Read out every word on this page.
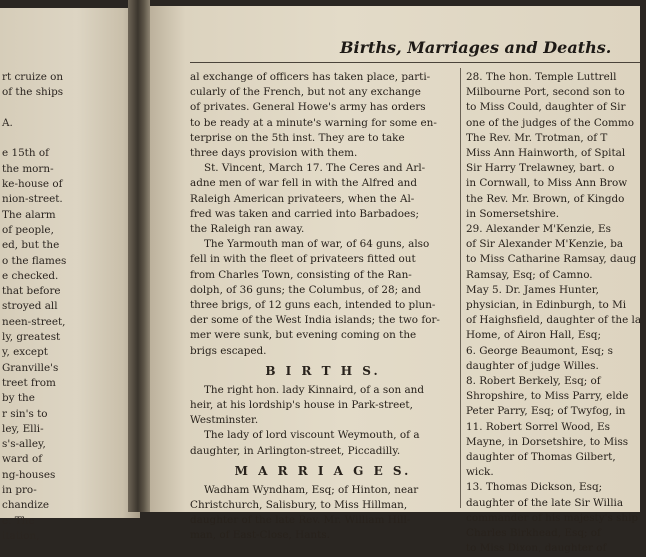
rt cruize on
of the ships
A.
e 15th of
the morn-
ke-house of
nion-street.
The alarm
of people,
ed, but the
o the flames
e checked.
that before
stroyed all
neen-street,
ly, greatest
y, except
Granville's
treet from
by the
r sin's to
ley, Elli-
s's-alley,
ward of
ng-houses
in pro-
chandize
e. The
itation,
Births, Marriages and Deaths.

al exchange of officers has taken place, parti-

cularly of the French, but not any exchange

of privates. General Howe's army has orders

to be ready at a minute's warning for some en-

terprise on the 5th inst. They are to take

three days provision with them.

St. Vincent, March 17. The Ceres and Arl-

adne men of war fell in with the Alfred and

Raleigh American privateers, when the Al-

fred was taken and carried into Barbadoes;

the Raleigh ran away.

The Yarmouth man of war, of 64 guns, also

fell in with the fleet of privateers fitted out

from Charles Town, consisting of the Ran-

dolph, of 36 guns; the Columbus, of 28; and

three brigs, of 12 guns each, intended to plun-

der some of the West India islands; the two for-

mer were sunk, but evening coming on the

brigs escaped.

B I R T H S.

The right hon. lady Kinnaird, of a son and

heir, at his lordship's house in Park-street,

Westminster.

The lady of lord viscount Weymouth, of a

daughter, in Arlington-street, Piccadilly.

M A R R I A G E S.

Wadham Wyndham, Esq; of Hinton, near

Christchurch, Salisbury, to Miss Hillman,

daughter of the late Rev. Mr. William Hill-

man, of East-Close, Hants.

28. The hon. Temple Luttrell

Milbourne Port, second son to

to Miss Could, daughter of Sir

one of the judges of the Commo

The Rev. Mr. Trotman, of T

Miss Ann Hainworth, of Spital

Sir Harry Trelawney, bart. o

in Cornwall, to Miss Ann Brow

the Rev. Mr. Brown, of Kingdo

in Somersetshire.

29. Alexander M'Kenzie, Es

of Sir Alexander M'Kenzie, ba

to Miss Catharine Ramsay, daug

Ramsay, Esq; of Camno.

May 5. Dr. James Hunter,

physician, in Edinburgh, to Mi

of Haighsfield, daughter of the la

Home, of Airon Hall, Esq;

6. George Beaumont, Esq; s

daughter of judge Willes.

8. Robert Berkely, Esq; of

Shropshire, to Miss Parry, elde

Peter Parry, Esq; of Twyfog, in

11. Robert Sorrel Wood, Es

Mayne, in Dorsetshire, to Miss

daughter of Thomas Gilbert,

wick.

13. Thomas Dickson, Esq;

daughter of the late Sir Willia

commander of his majesty's ship

Charles Birkhead, Esq; of

to Miss Dixon, daughter of
